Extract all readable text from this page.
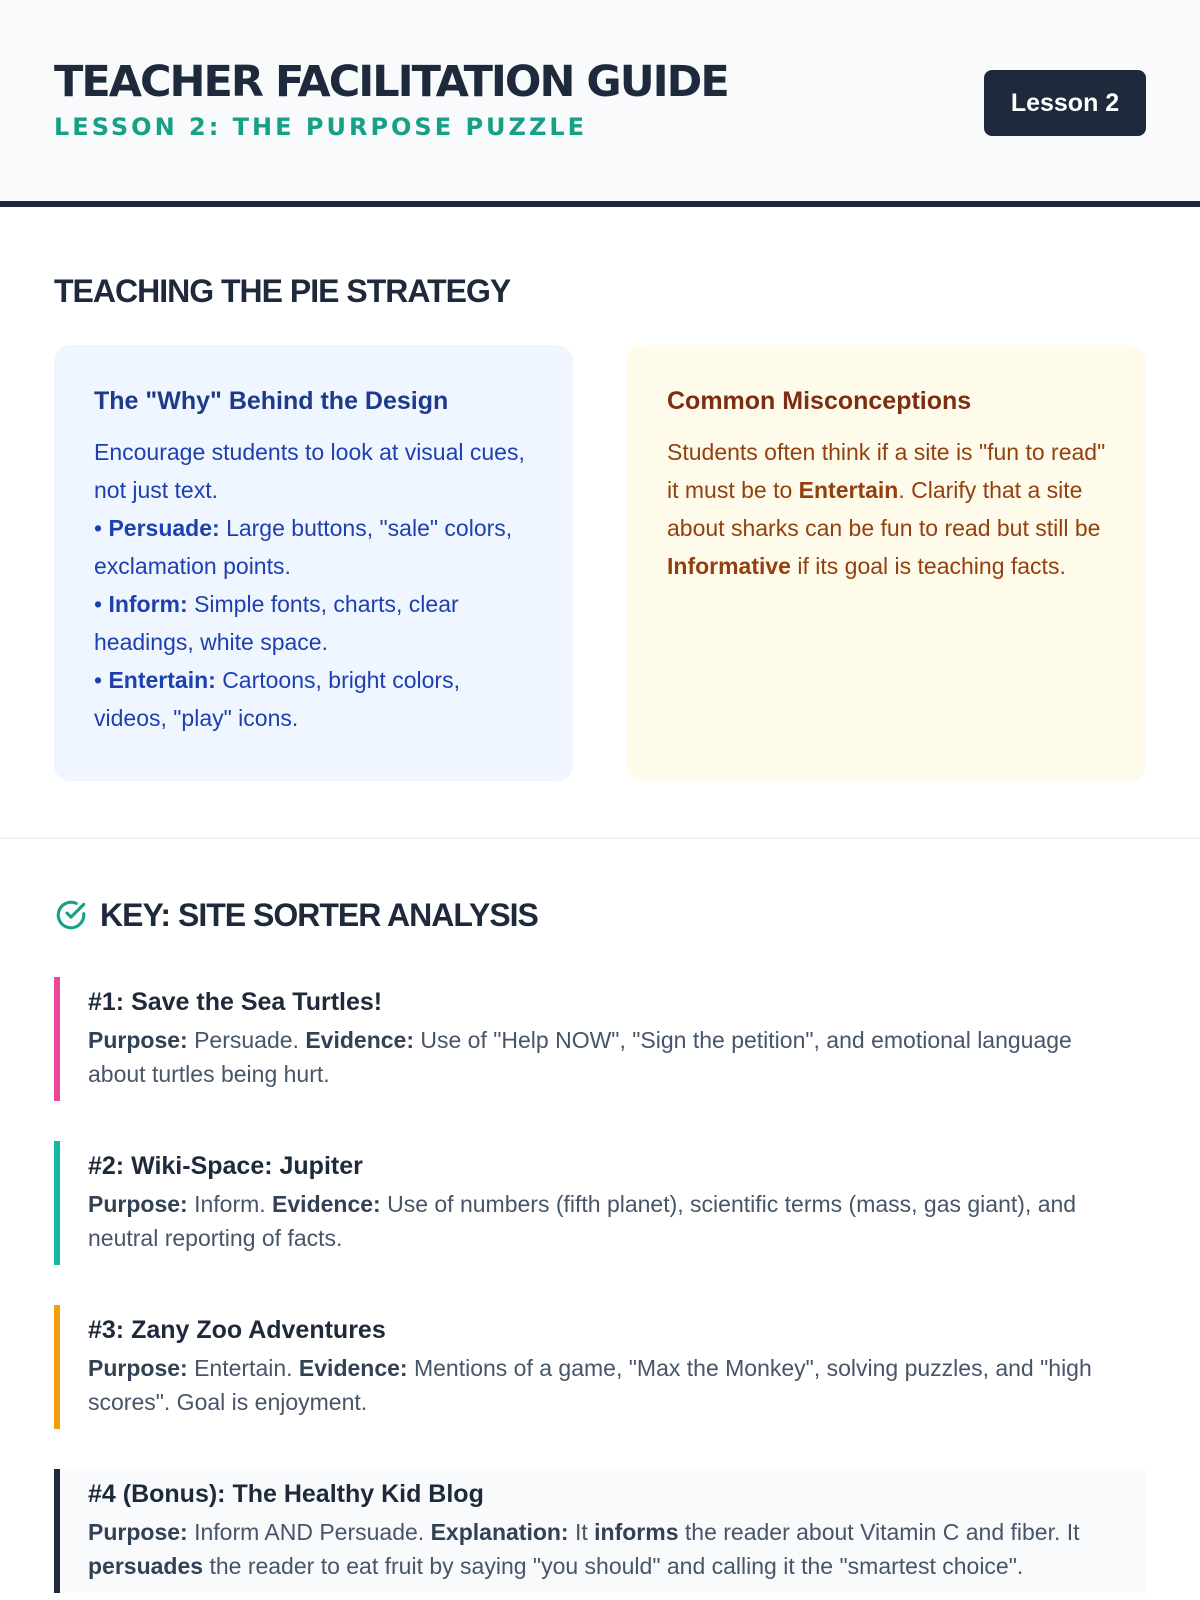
TEACHER FACILITATION GUIDE
LESSON 2: THE PURPOSE PUZZLE
Lesson 2
TEACHING THE PIE STRATEGY
The "Why" Behind the Design
Encourage students to look at visual cues, not just text.
• Persuade: Large buttons, "sale" colors, exclamation points.
• Inform: Simple fonts, charts, clear headings, white space.
• Entertain: Cartoons, bright colors, videos, "play" icons.
Common Misconceptions
Students often think if a site is "fun to read" it must be to Entertain. Clarify that a site about sharks can be fun to read but still be Informative if its goal is teaching facts.
KEY: SITE SORTER ANALYSIS
#1: Save the Sea Turtles!
Purpose: Persuade. Evidence: Use of "Help NOW", "Sign the petition", and emotional language about turtles being hurt.
#2: Wiki-Space: Jupiter
Purpose: Inform. Evidence: Use of numbers (fifth planet), scientific terms (mass, gas giant), and neutral reporting of facts.
#3: Zany Zoo Adventures
Purpose: Entertain. Evidence: Mentions of a game, "Max the Monkey", solving puzzles, and "high scores". Goal is enjoyment.
#4 (Bonus): The Healthy Kid Blog
Purpose: Inform AND Persuade. Explanation: It informs the reader about Vitamin C and fiber. It persuades the reader to eat fruit by saying "you should" and calling it the "smartest choice".
